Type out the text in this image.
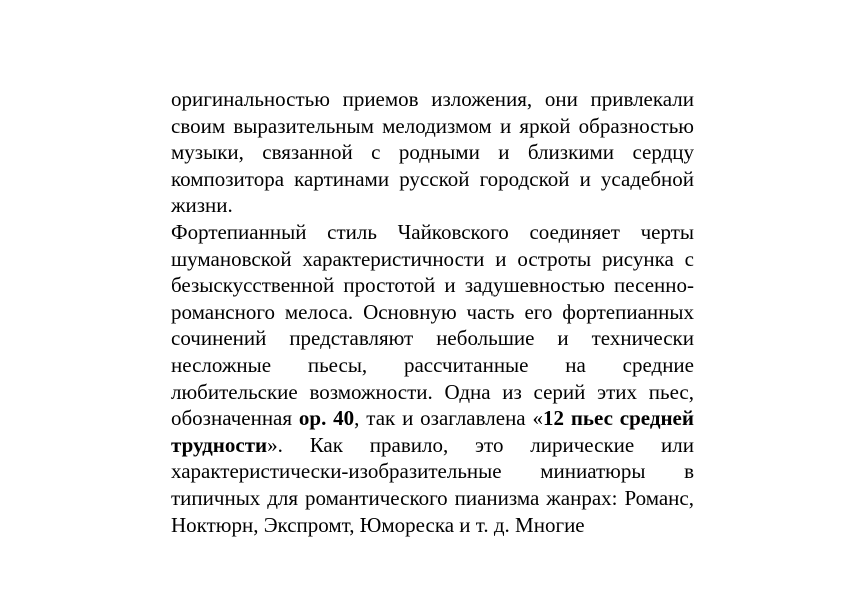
оригинальностью приемов изложения, они привлекали своим выразительным мелодизмом и яркой образностью музыки, связанной с родными и близкими сердцу композитора картинами русской городской и усадебной жизни.

Фортепианный стиль Чайковского соединяет черты шумановской характеристичности и остроты рисунка с безыскусственной простотой и задушевностью песенно-романсного мелоса. Основную часть его фортепианных сочинений представляют небольшие и технически несложные пьесы, рассчитанные на средние любительские возможности. Одна из серий этих пьес, обозначенная ор. 40, так и озаглавлена «12 пьес средней трудности». Как правило, это лирические или характеристически-изобразительные миниатюры в типичных для романтического пианизма жанрах: Романс, Ноктюрн, Экспромт, Юмореска и т. д. Многие
